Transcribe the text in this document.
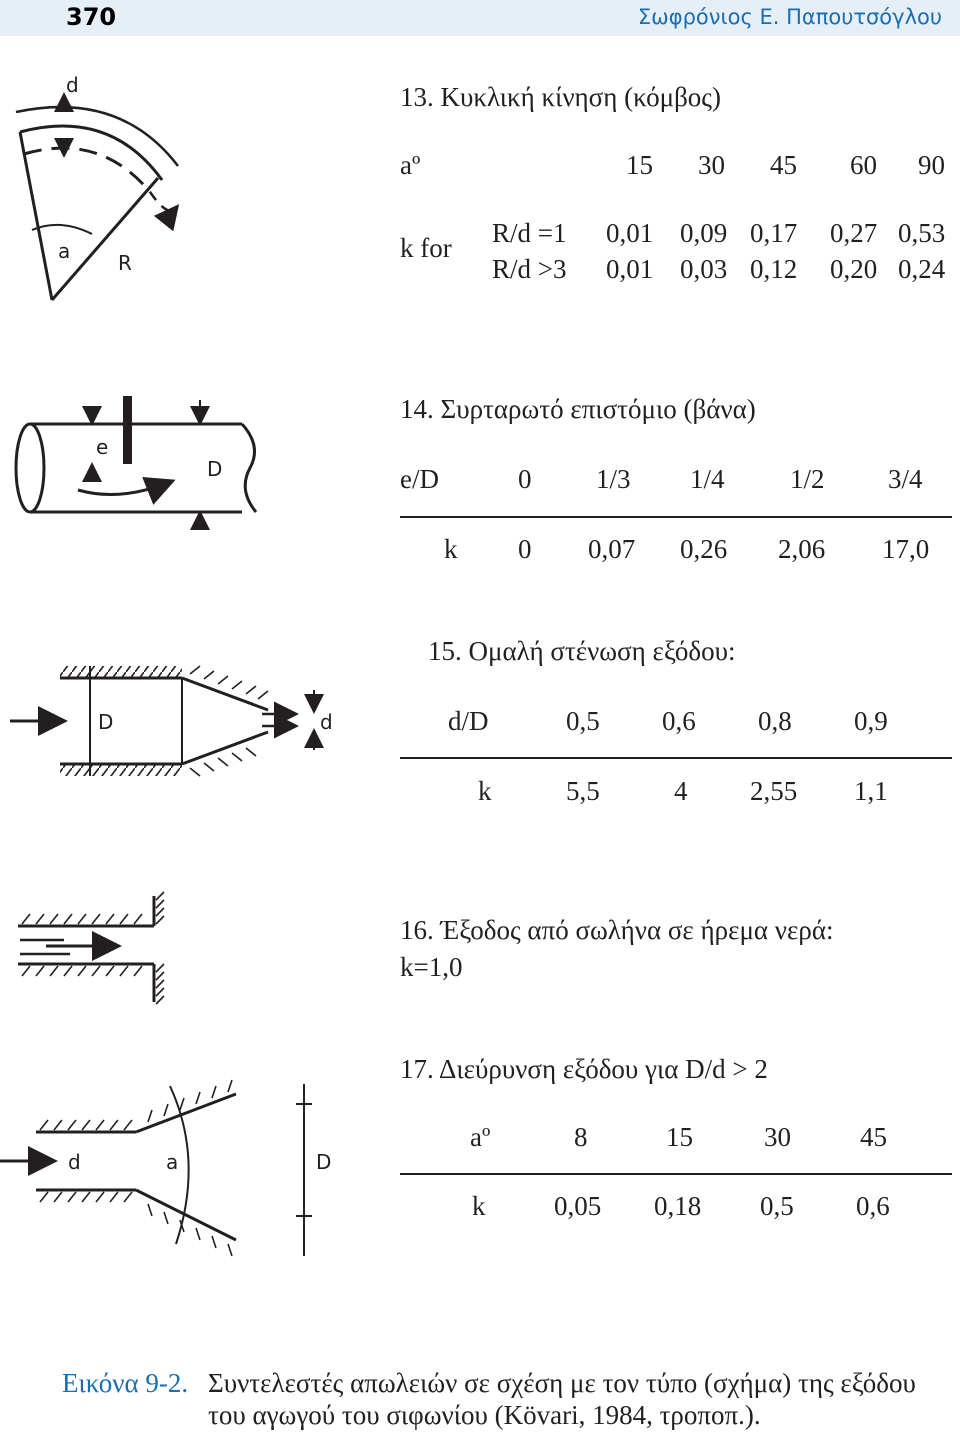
370	Σωφρόνιος Ε. Παπουτσόγλου
d
a R
13. Κυκλική κίνηση (κόμβος)
aº	15 30 45 60 90
k for R/d =1 0,01 0,09 0,17 0,27 0,53
R/d >3 0,01 0,03 0,12 0,20 0,24
e
D
14. Συρταρωτό επιστόμιο (βάνα)
e/D	0 1/3 1/4 1/2 3/4
k 0 0,07 0,26 2,06 17,0
D	d
15. Ομαλή στένωση εξόδου:
d/D	0,5 0,6 0,8 0,9
k	5,5	4 2,55 1,1
16. Έξοδος από σωλήνα σε ήρεμα νερά:
k=1,0
d	a	D
17. Διεύρυνση εξόδου για D/d > 2
aº	8	15	30	45
k	0,05 0,18 0,5 0,6
Εικόνα 9-2. Συντελεστές απωλειών σε σχέση με τον τύπο (σχήμα) της εξόδου
του αγωγού του σιφωνίου (Kövari, 1984, τροποπ.).
